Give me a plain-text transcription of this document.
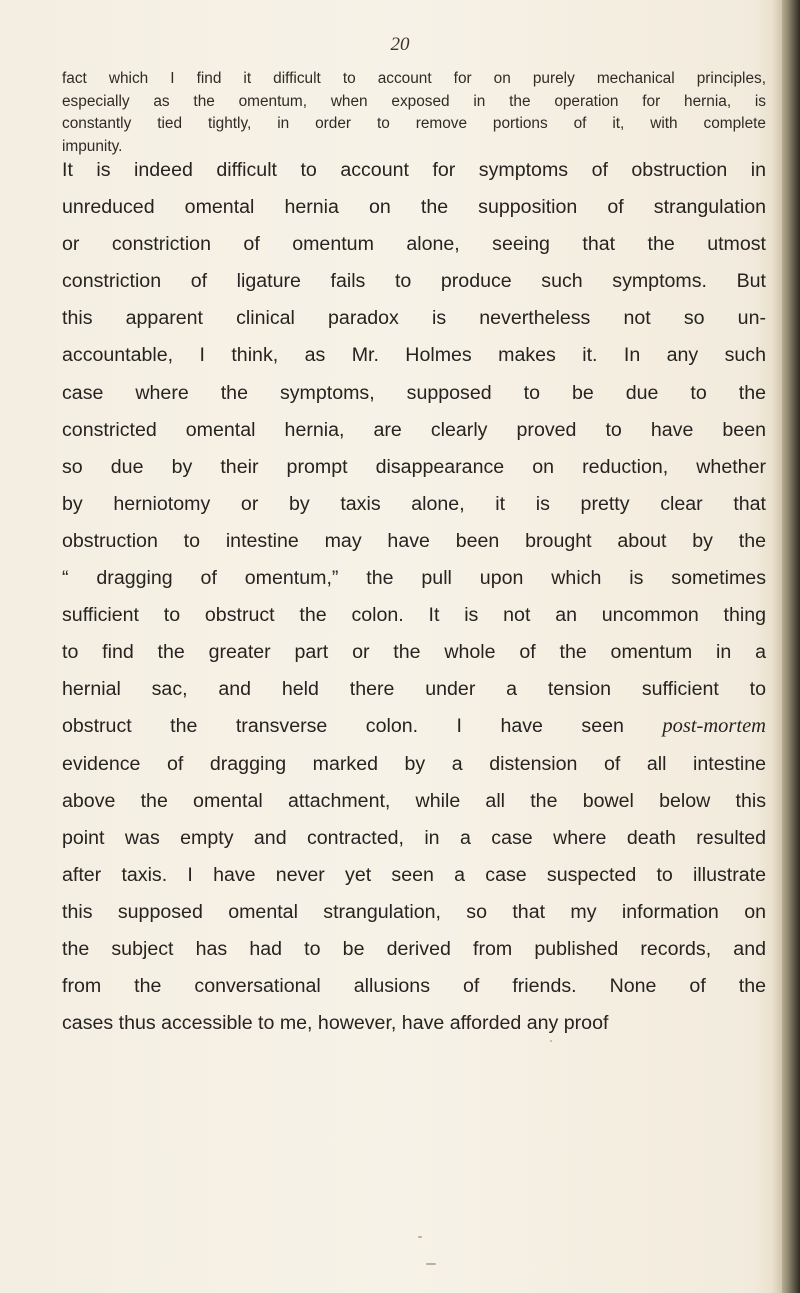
20
fact which I find it difficult to account for on purely mechanical principles,
especially as the omentum, when exposed in the operation for hernia, is
constantly tied tightly, in order to remove portions of it, with complete
impunity.
It is indeed difficult to account for symptoms of obstruction in
unreduced omental hernia on the supposition of strangulation
or constriction of omentum alone, seeing that the utmost
constriction of ligature fails to produce such symptoms. But
this apparent clinical paradox is nevertheless not so un-
accountable, I think, as Mr. Holmes makes it. In any such
case where the symptoms, supposed to be due to the
constricted omental hernia, are clearly proved to have been
so due by their prompt disappearance on reduction, whether
by herniotomy or by taxis alone, it is pretty clear that
obstruction to intestine may have been brought about by the
“ dragging of omentum,” the pull upon which is sometimes
sufficient to obstruct the colon. It is not an uncommon thing
to find the greater part or the whole of the omentum in a
hernial sac, and held there under a tension sufficient to
obstruct the transverse colon. I have seen post-mortem
evidence of dragging marked by a distension of all intestine
above the omental attachment, while all the bowel below this
point was empty and contracted, in a case where death resulted
after taxis. I have never yet seen a case suspected to illustrate
this supposed omental strangulation, so that my information on
the subject has had to be derived from published records, and
from the conversational allusions of friends. None of the
cases thus accessible to me, however, have afforded any proof
